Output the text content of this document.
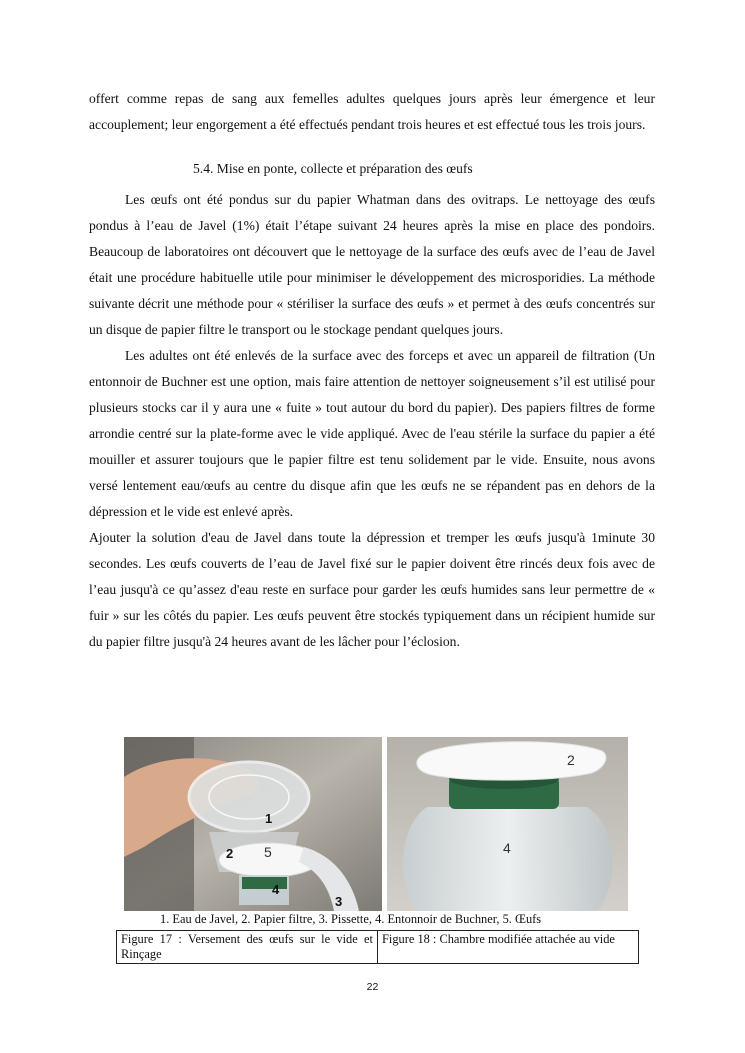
offert comme repas de sang aux femelles adultes quelques jours après leur émergence et leur accouplement; leur engorgement a été effectués pendant trois heures et est effectué tous les trois jours.

5.4. Mise en ponte, collecte et préparation des œufs

Les œufs ont été pondus sur du papier Whatman dans des ovitraps. Le nettoyage des œufs pondus à l’eau de Javel (1%) était l’étape suivant 24 heures après la mise en place des pondoirs. Beaucoup de laboratoires ont découvert que le nettoyage de la surface des œufs avec de l’eau de Javel était une procédure habituelle utile pour minimiser le développement des microsporidies. La méthode suivante décrit une méthode pour « stériliser la surface des œufs » et permet à des œufs concentrés sur un disque de papier filtre le transport ou le stockage pendant quelques jours.

Les adultes ont été enlevés de la surface avec des forceps et avec un appareil de filtration (Un entonnoir de Buchner est une option, mais faire attention de nettoyer soigneusement s’il est utilisé pour plusieurs stocks car il y aura une « fuite » tout autour du bord du papier). Des papiers filtres de forme arrondie centré sur la plate-forme avec le vide appliqué. Avec de l'eau stérile la surface du papier a été mouiller et assurer toujours que le papier filtre est tenu solidement par le vide. Ensuite, nous avons versé lentement eau/œufs au centre du disque afin que les œufs ne se répandent pas en dehors de la dépression et le vide est enlevé après.

Ajouter la solution d'eau de Javel dans toute la dépression et tremper les œufs jusqu'à 1minute 30 secondes. Les œufs couverts de l’eau de Javel fixé sur le papier doivent être rincés deux fois avec de l’eau jusqu'à ce qu’assez d'eau reste en surface pour garder les œufs humides sans leur permettre de « fuir » sur les côtés du papier. Les œufs peuvent être stockés typiquement dans un récipient humide sur du papier filtre jusqu'à 24 heures avant de les lâcher pour l’éclosion.

1
2 5
4
3
2
4
1. Eau de Javel, 2. Papier filtre, 3. Pissette, 4. Entonnoir de Buchner, 5. Œufs
Figure 17 : Versement des œufs sur le vide et Rinçage	Figure 18 : Chambre modifiée attachée au vide
22
